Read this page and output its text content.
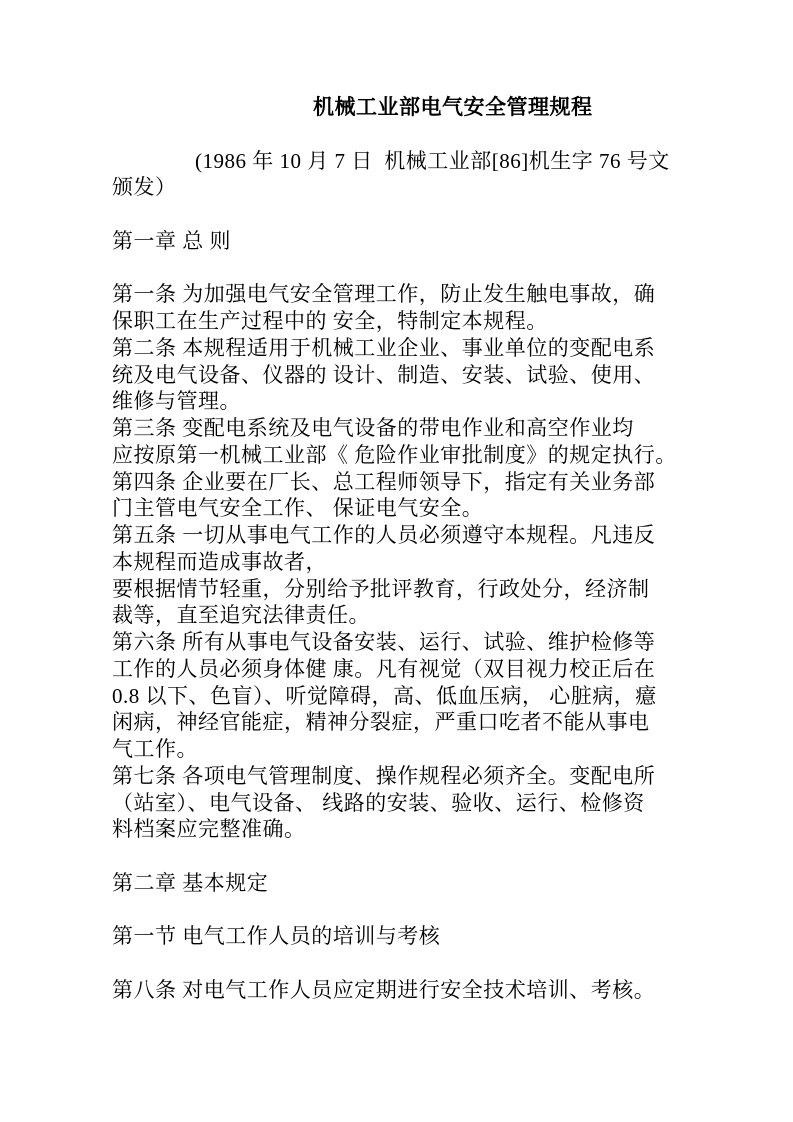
机械工业部电气安全管理规程
(1986 年 10 月 7 日  机械工业部[86]机生字 76 号文
颁发）
第一章 总 则
第一条 为加强电气安全管理工作，防止发生触电事故，确
保职工在生产过程中的 安全，特制定本规程。
第二条 本规程适用于机械工业企业、事业单位的变配电系
统及电气设备、仪器的 设计、制造、安装、试验、使用、
维修与管理。
第三条 变配电系统及电气设备的带电作业和高空作业均
应按原第一机械工业部《 危险作业审批制度》的规定执行。
第四条 企业要在厂长、总工程师领导下，指定有关业务部
门主管电气安全工作、 保证电气安全。
第五条 一切从事电气工作的人员必须遵守本规程。凡违反
本规程而造成事故者，
要根据情节轻重，分别给予批评教育，行政处分，经济制
裁等，直至追究法律责任。
第六条 所有从事电气设备安装、运行、试验、维护检修等
工作的人员必须身体健 康。凡有视觉（双目视力校正后在
0.8 以下、色盲）、听觉障碍，高、低血压病， 心脏病，癔
闲病，神经官能症，精神分裂症，严重口吃者不能从事电
气工作。
第七条 各项电气管理制度、操作规程必须齐全。变配电所
（站室）、电气设备、 线路的安装、验收、运行、检修资
料档案应完整准确。
第二章 基本规定
第一节 电气工作人员的培训与考核
第八条 对电气工作人员应定期进行安全技术培训、考核。
